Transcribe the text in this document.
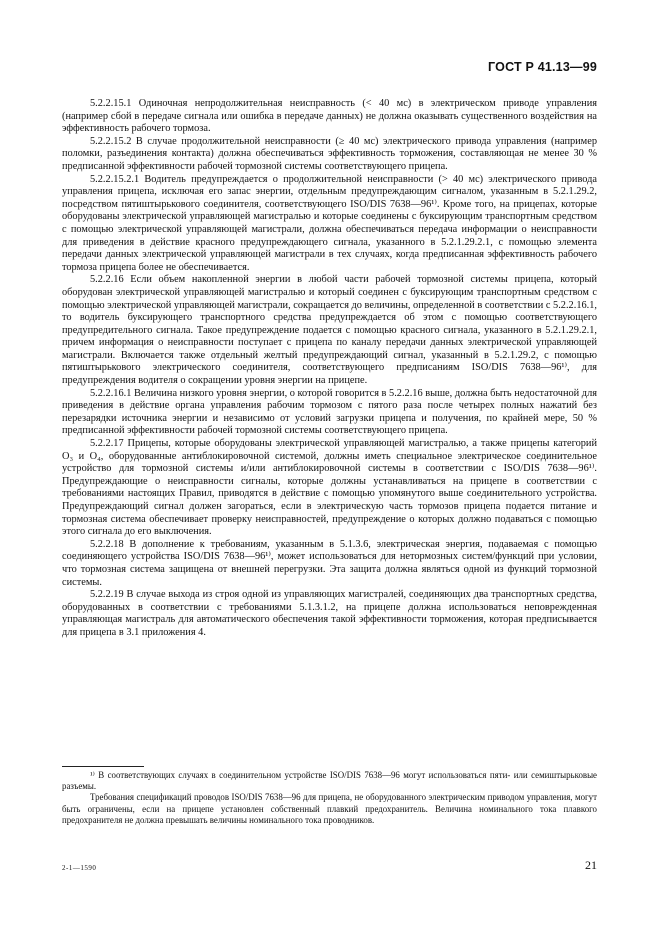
ГОСТ Р 41.13—99

5.2.2.15.1 Одиночная непродолжительная неисправность (< 40 мс) в электрическом приводе управления (например сбой в передаче сигнала или ошибка в передаче данных) не должна оказывать существенного воздействия на эффективность рабочего тормоза.

5.2.2.15.2 В случае продолжительной неисправности (≥ 40 мс) электрического привода управления (например поломки, разъединения контакта) должна обеспечиваться эффективность торможения, составляющая не менее 30 % предписанной эффективности рабочей тормозной системы соответствующего прицепа.

5.2.2.15.2.1 Водитель предупреждается о продолжительной неисправности (> 40 мс) электрического привода управления прицепа, исключая его запас энергии, отдельным предупреждающим сигналом, указанным в 5.2.1.29.2, посредством пятиштырькового соединителя, соответствующего ISO/DIS 7638—96¹⁾. Кроме того, на прицепах, которые оборудованы электрической управляющей магистралью и которые соединены с буксирующим транспортным средством с помощью электрической управляющей магистрали, должна обеспечиваться передача информации о неисправности для приведения в действие красного предупреждающего сигнала, указанного в 5.2.1.29.2.1, с помощью элемента передачи данных электрической управляющей магистрали в тех случаях, когда предписанная эффективность рабочего тормоза прицепа более не обеспечивается.

5.2.2.16 Если объем накопленной энергии в любой части рабочей тормозной системы прицепа, который оборудован электрической управляющей магистралью и который соединен с буксирующим транспортным средством с помощью электрической управляющей магистрали, сокращается до величины, определенной в соответствии с 5.2.2.16.1, то водитель буксирующего транспортного средства предупреждается об этом с помощью соответствующего предупредительного сигнала. Такое предупреждение подается с помощью красного сигнала, указанного в 5.2.1.29.2.1, причем информация о неисправности поступает с прицепа по каналу передачи данных электрической управляющей магистрали. Включается также отдельный желтый предупреждающий сигнал, указанный в 5.2.1.29.2, с помощью пятиштырькового электрического соединителя, соответствующего предписаниям ISO/DIS 7638—96¹⁾, для предупреждения водителя о сокращении уровня энергии на прицепе.

5.2.2.16.1 Величина низкого уровня энергии, о которой говорится в 5.2.2.16 выше, должна быть недостаточной для приведения в действие органа управления рабочим тормозом с пятого раза после четырех полных нажатий без перезарядки источника энергии и независимо от условий загрузки прицепа и получения, по крайней мере, 50 % предписанной эффективности рабочей тормозной системы соответствующего прицепа.

5.2.2.17 Прицепы, которые оборудованы электрической управляющей магистралью, а также прицепы категорий O₃ и O₄, оборудованные антиблокировочной системой, должны иметь специальное электрическое соединительное устройство для тормозной системы и/или антиблокировочной системы в соответствии с ISO/DIS 7638—96¹⁾. Предупреждающие о неисправности сигналы, которые должны устанавливаться на прицепе в соответствии с требованиями настоящих Правил, приводятся в действие с помощью упомянутого выше соединительного устройства. Предупреждающий сигнал должен загораться, если в электрическую часть тормозов прицепа подается питание и тормозная система обеспечивает проверку неисправностей, предупреждение о которых должно подаваться с помощью этого сигнала до его выключения.

5.2.2.18 В дополнение к требованиям, указанным в 5.1.3.6, электрическая энергия, подаваемая с помощью соединяющего устройства ISO/DIS 7638—96¹⁾, может использоваться для нетормозных систем/функций при условии, что тормозная система защищена от внешней перегрузки. Эта защита должна являться одной из функций тормозной системы.

5.2.2.19 В случае выхода из строя одной из управляющих магистралей, соединяющих два транспортных средства, оборудованных в соответствии с требованиями 5.1.3.1.2, на прицепе должна использоваться неповрежденная управляющая магистраль для автоматического обеспечения такой эффективности торможения, которая предписывается для прицепа в 3.1 приложения 4.

¹⁾ В соответствующих случаях в соединительном устройстве ISO/DIS 7638—96 могут использоваться пяти- или семиштырьковые разъемы.

Требования спецификаций проводов ISO/DIS 7638—96 для прицепа, не оборудованного электрическим приводом управления, могут быть ограничены, если на прицепе установлен собственный плавкий предохранитель. Величина номинального тока плавкого предохранителя не должна превышать величины номинального тока проводников.

2-1—1590	21
